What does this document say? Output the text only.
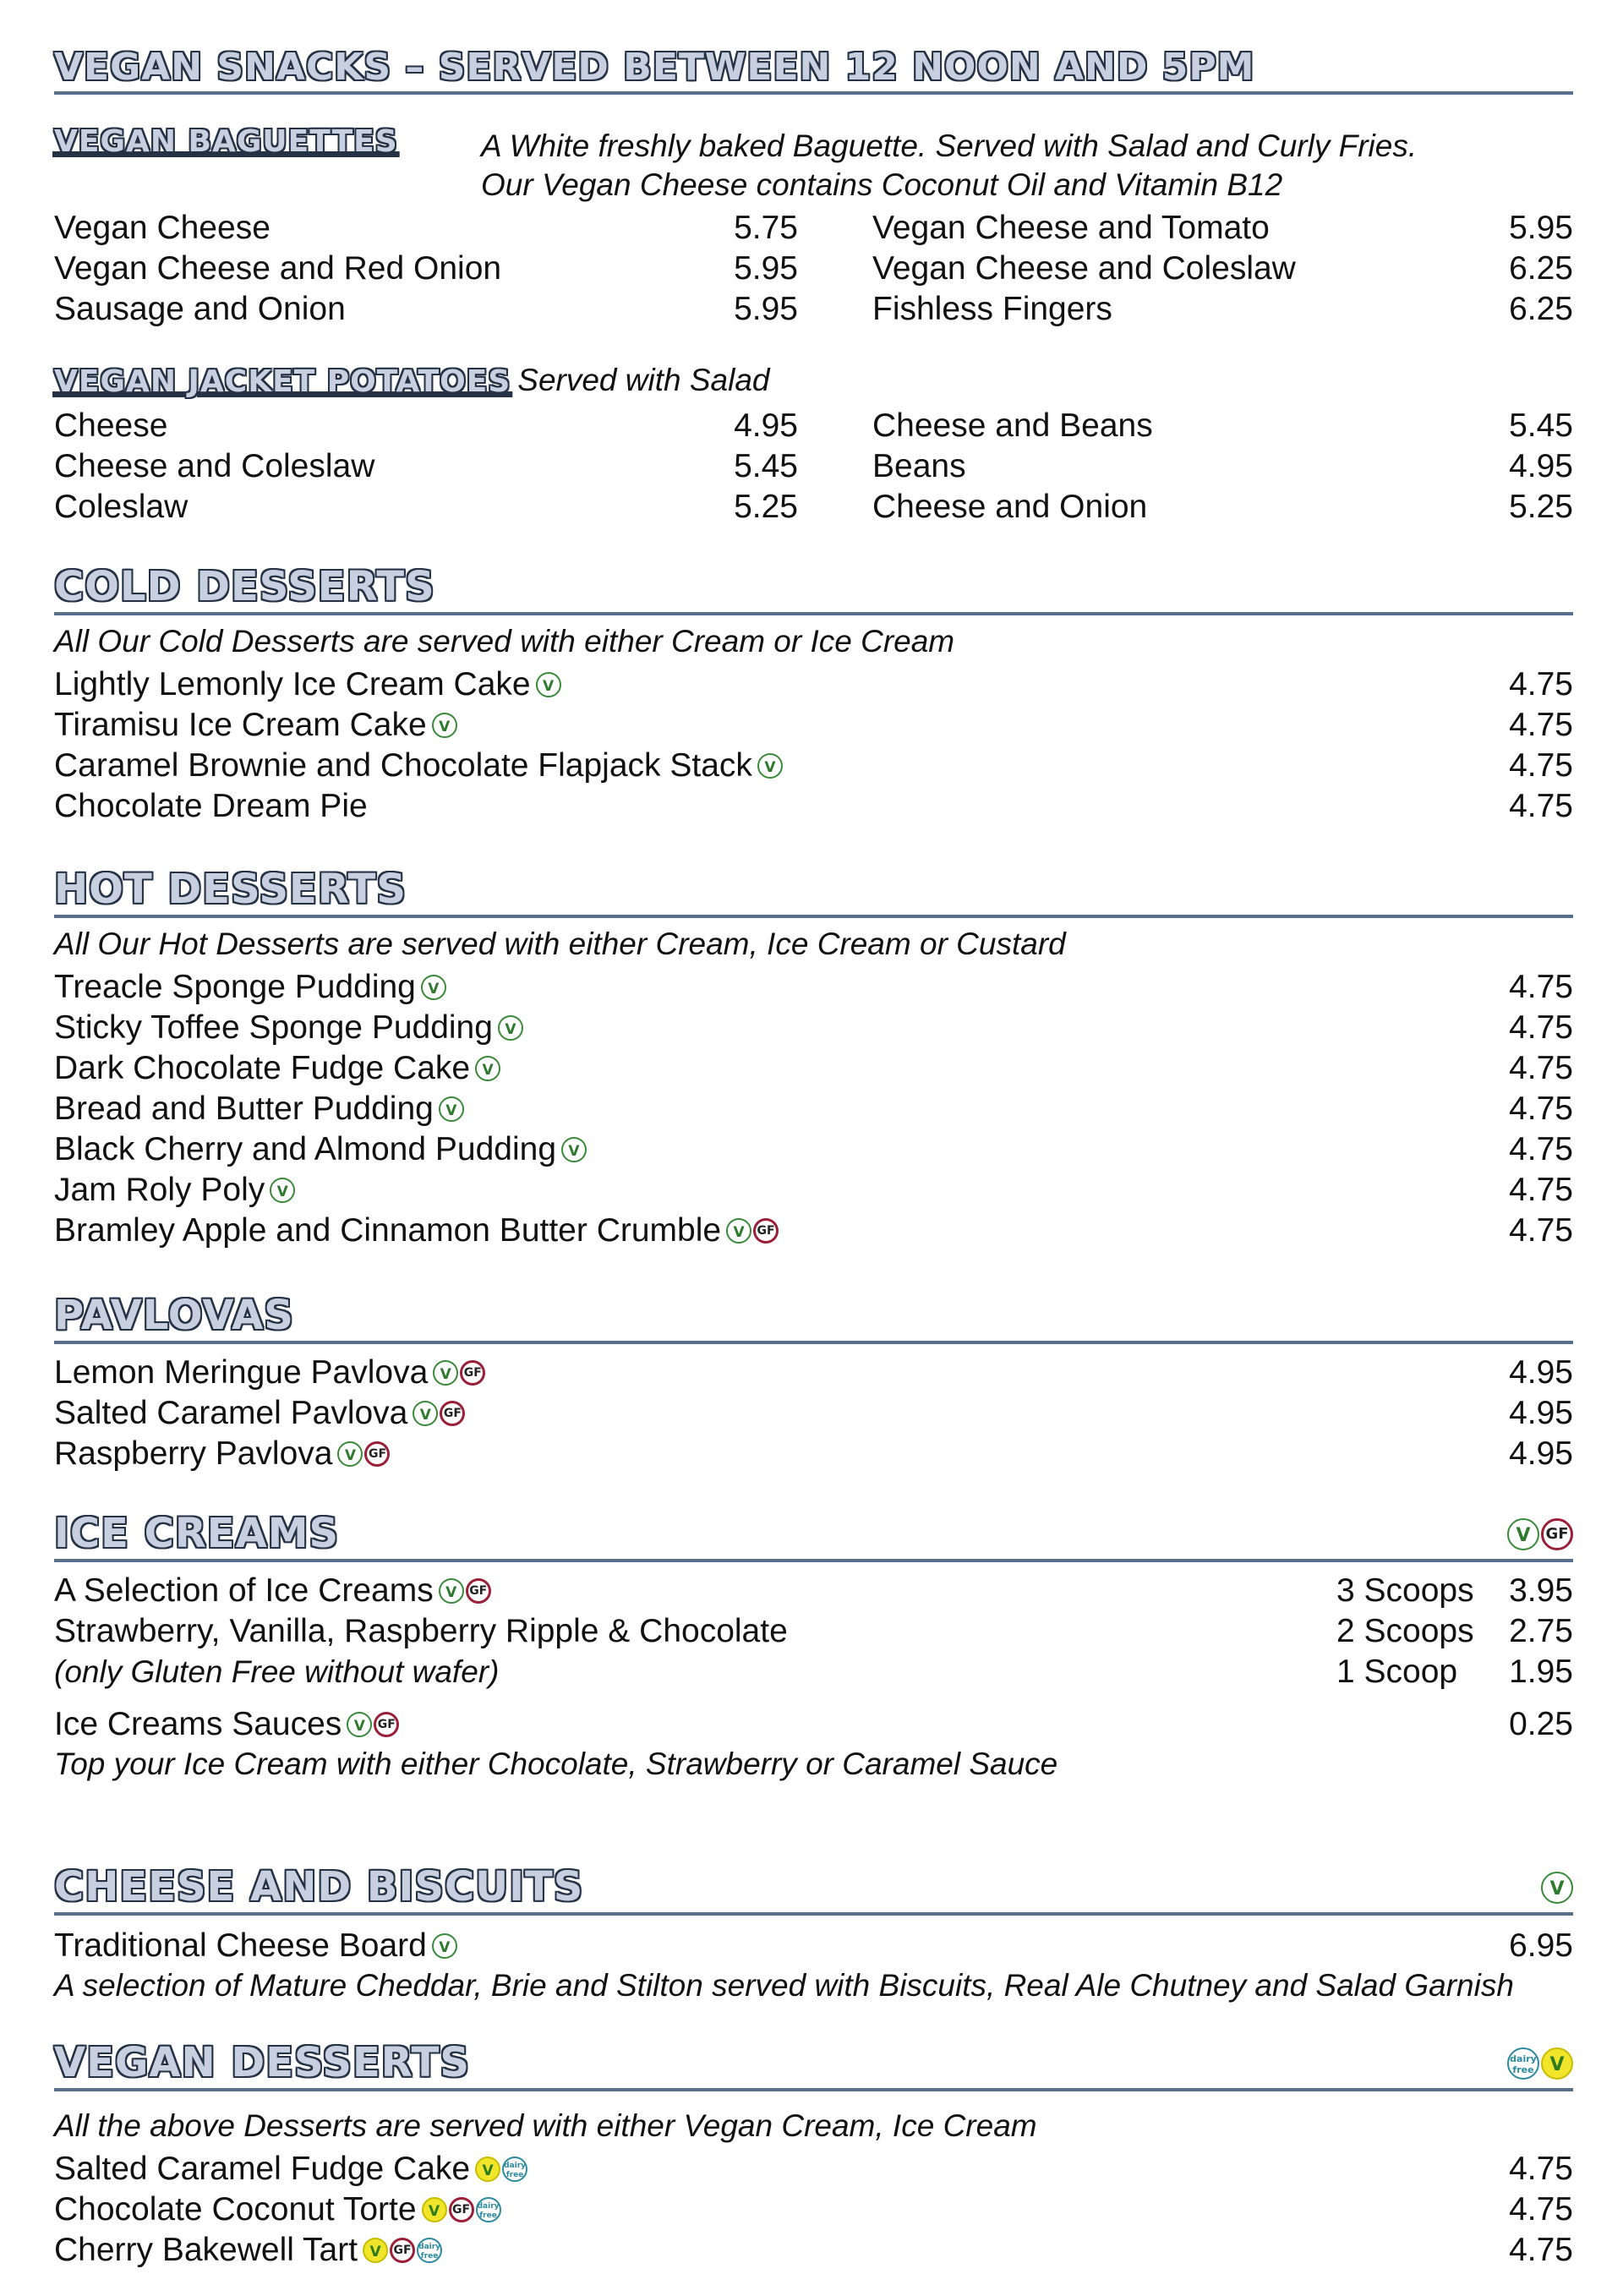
VEGAN SNACKS – SERVED BETWEEN 12 NOON AND 5PM
VEGAN BAGUETTES	A White freshly baked Baguette. Served with Salad and Curly Fries.
Our Vegan Cheese contains Coconut Oil and Vitamin B12
Vegan Cheese	5.75
Vegan Cheese and Red Onion	5.95
Sausage and Onion	5.95
Vegan Cheese and Tomato	5.95
Vegan Cheese and Coleslaw	6.25
Fishless Fingers	6.25
VEGAN JACKET POTATOES Served with Salad
Cheese	4.95
Cheese and Coleslaw	5.45
Coleslaw	5.25
Cheese and Beans	5.45
Beans	4.95
Cheese and Onion	5.25
COLD DESSERTS
All Our Cold Desserts are served with either Cream or Ice Cream
Lightly Lemonly Ice Cream Cake V	4.75
Tiramisu Ice Cream Cake V	4.75
Caramel Brownie and Chocolate Flapjack Stack V	4.75
Chocolate Dream Pie	4.75
HOT DESSERTS
All Our Hot Desserts are served with either Cream, Ice Cream or Custard
Treacle Sponge Pudding V	4.75
Sticky Toffee Sponge Pudding V	4.75
Dark Chocolate Fudge Cake V	4.75
Bread and Butter Pudding V	4.75
Black Cherry and Almond Pudding V	4.75
Jam Roly Poly V	4.75
Bramley Apple and Cinnamon Butter Crumble V	GF	4.75
PAVLOVAS
Lemon Meringue Pavlova V	GF	4.95
Salted Caramel Pavlova V	GF	4.95
Raspberry Pavlova V	GF	4.95
ICE CREAMS	V GF
A Selection of Ice Creams V	GF	3 Scoops	3.95
Strawberry, Vanilla, Raspberry Ripple & Chocolate	2 Scoops	2.75
(only Gluten Free without wafer)	1 Scoop	1.95
Ice Creams Sauces V	GF	0.25
Top your Ice Cream with either Chocolate, Strawberry or Caramel Sauce
CHEESE AND BISCUITS	V
Traditional Cheese Board V	6.95
A selection of Mature Cheddar, Brie and Stilton served with Biscuits, Real Ale Chutney and Salad Garnish
VEGAN DESSERTS	dairy free V
All the above Desserts are served with either Vegan Cream, Ice Cream
Salted Caramel Fudge Cake V	dairy free	4.75
Chocolate Coconut Torte V	GF dairy free	4.75
Cherry Bakewell Tart V	GF dairy free	4.75
